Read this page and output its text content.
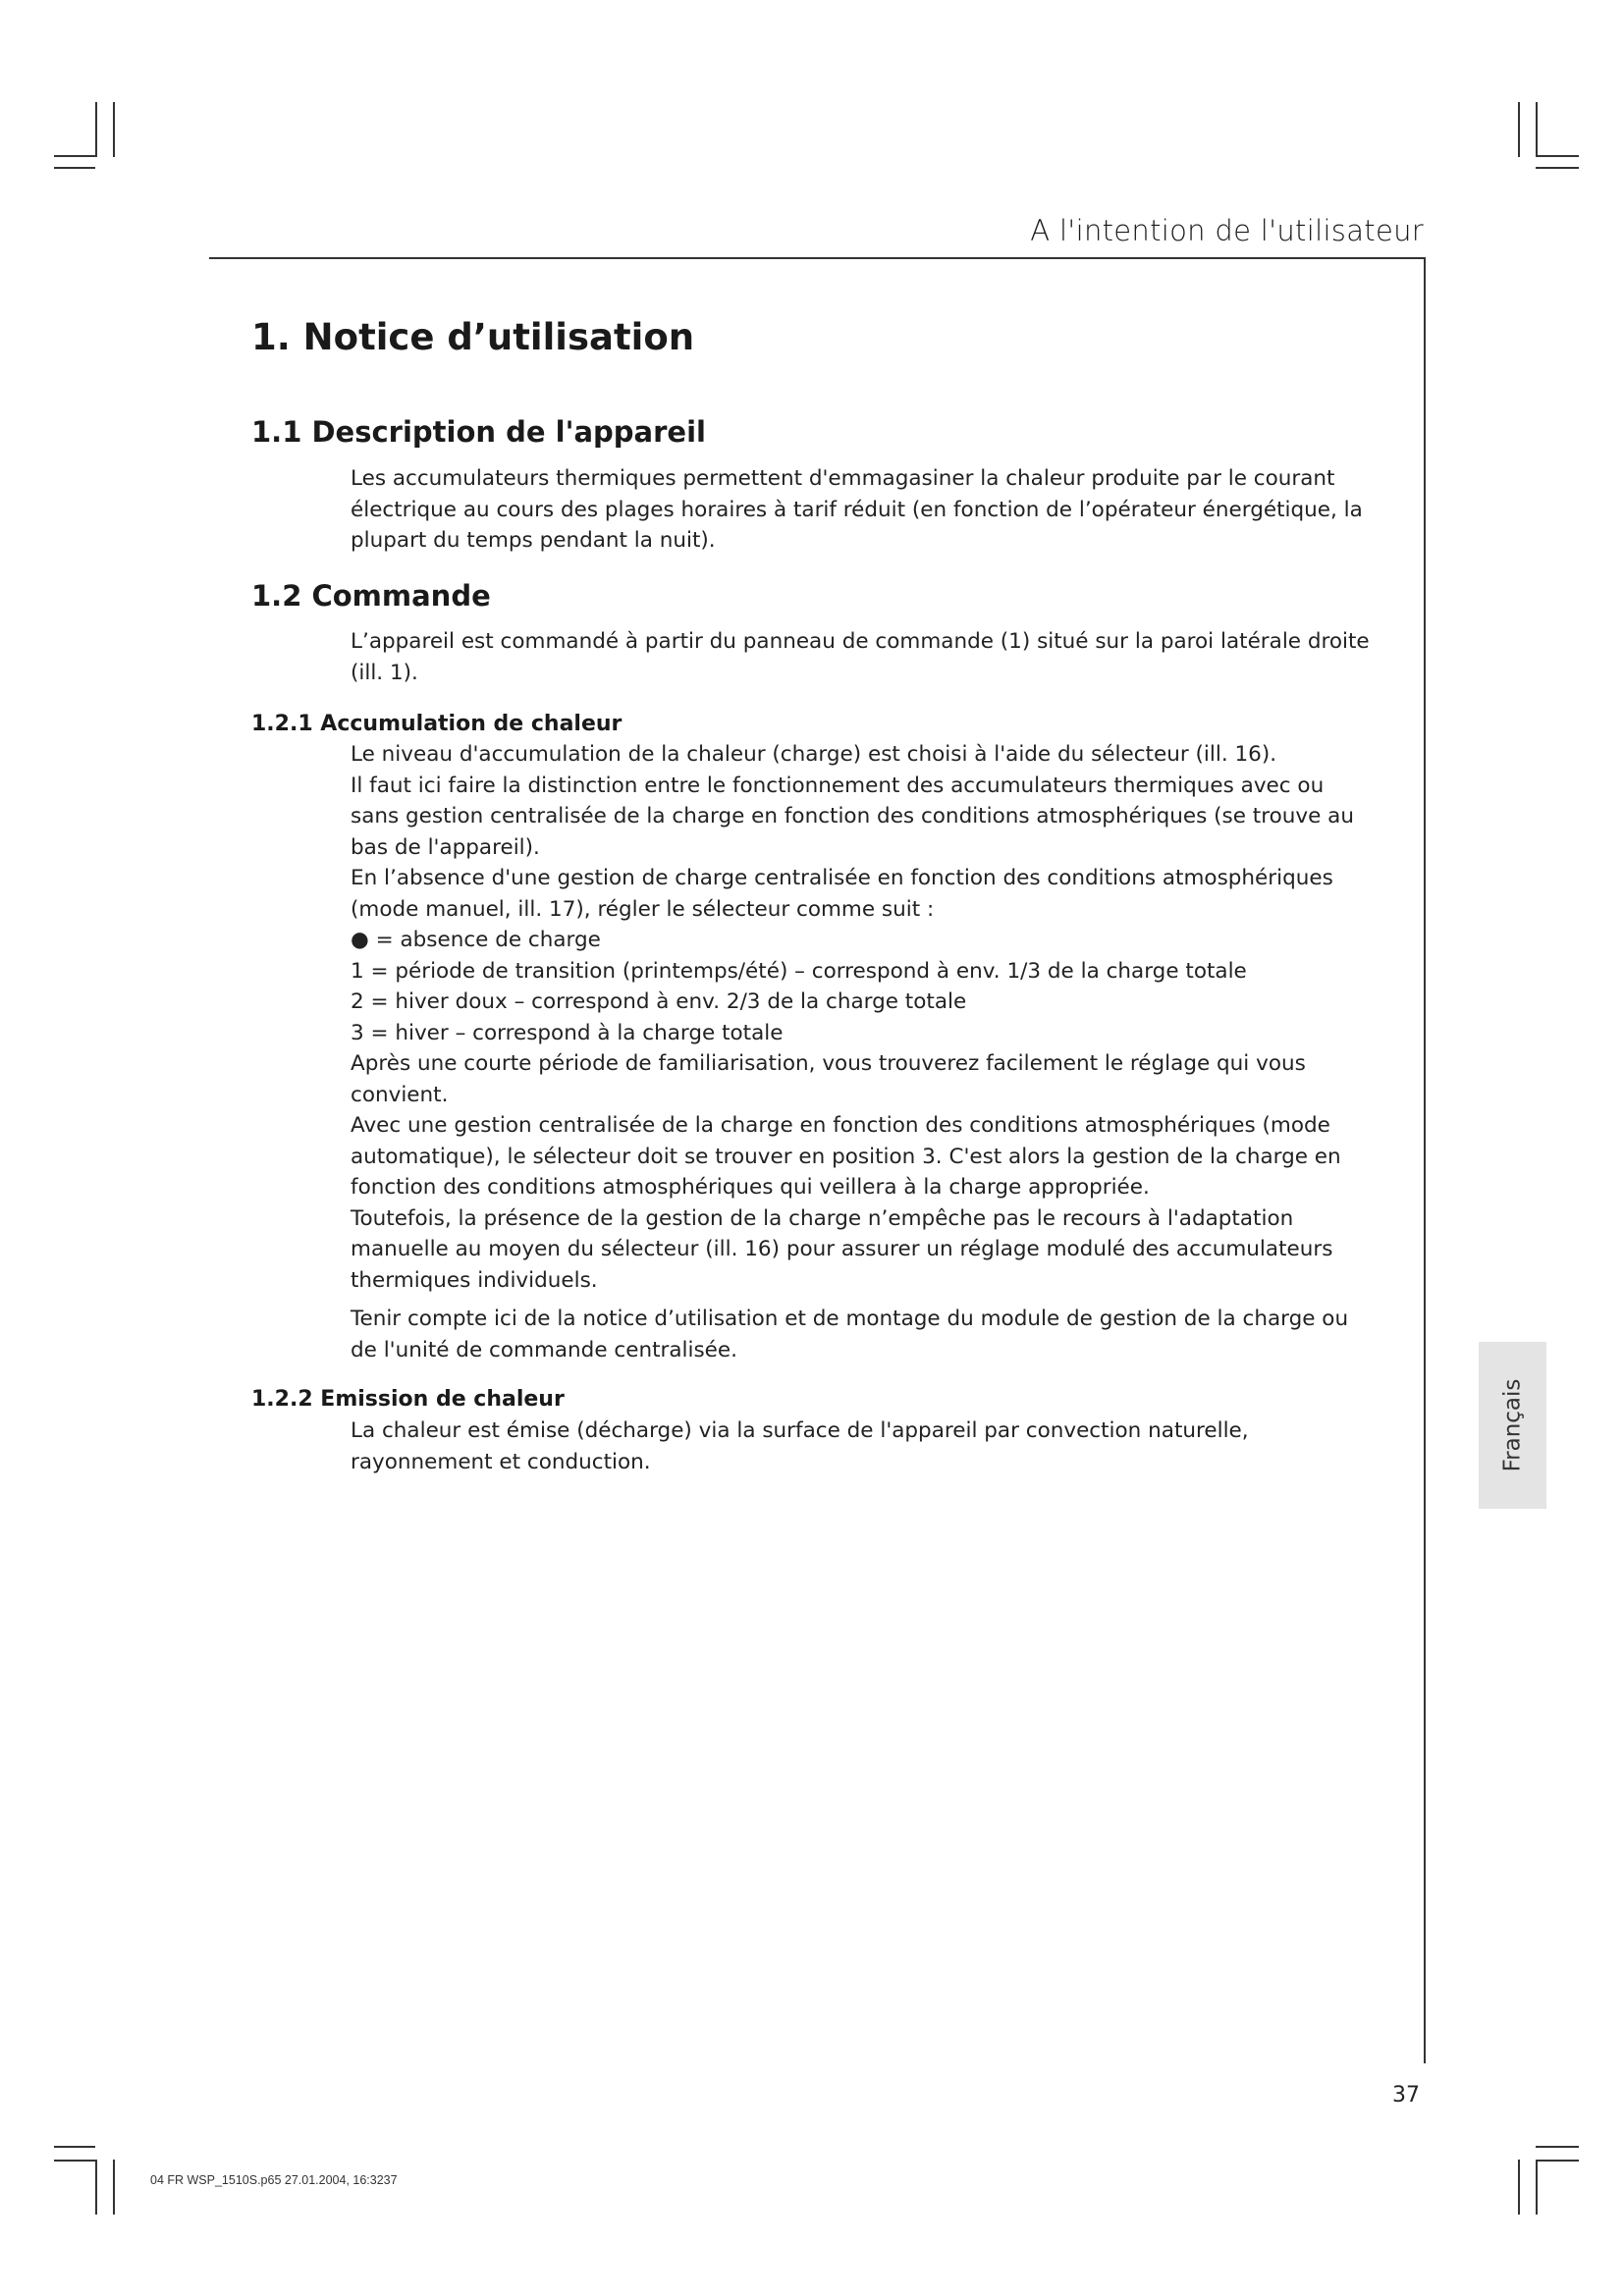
A l'intention de l'utilisateur
1. Notice d’utilisation
1.1 Description de l'appareil

Les accumulateurs thermiques permettent d'emmagasiner la chaleur produite par le courant électrique au cours des plages horaires à tarif réduit (en fonction de l’opérateur énergétique, la plupart du temps pendant la nuit).

1.2 Commande

L’appareil est commandé à partir du panneau de commande (1) situé sur la paroi latérale droite (ill. 1).

1.2.1 Accumulation de chaleur

Le niveau d'accumulation de la chaleur (charge) est choisi à l'aide du sélecteur (ill. 16).

Il faut ici faire la distinction entre le fonctionnement des accumulateurs thermiques avec ou sans gestion centralisée de la charge en fonction des conditions atmosphériques (se trouve au bas de l'appareil).

En l’absence d'une gestion de charge centralisée en fonction des conditions atmosphériques (mode manuel, ill. 17), régler le sélecteur comme suit :

● = absence de charge

1 = période de transition (printemps/été) – correspond à env. 1/3 de la charge totale

2 = hiver doux – correspond à env. 2/3 de la charge totale

3 = hiver – correspond à la charge totale

Après une courte période de familiarisation, vous trouverez facilement le réglage qui vous convient.

Avec une gestion centralisée de la charge en fonction des conditions atmosphériques (mode automatique), le sélecteur doit se trouver en position 3. C'est alors la gestion de la charge en fonction des conditions atmosphériques qui veillera à la charge appropriée.

Toutefois, la présence de la gestion de la charge n’empêche pas le recours à l'adaptation manuelle au moyen du sélecteur (ill. 16) pour assurer un réglage modulé des accumulateurs thermiques individuels.

Tenir compte ici de la notice d’utilisation et de montage du module de gestion de la charge ou de l'unité de commande centralisée.

1.2.2 Emission de chaleur

La chaleur est émise (décharge) via la surface de l'appareil par convection naturelle, rayonnement et conduction.	Français
37
04 FR WSP_1510S.p65 27.01.2004, 16:3237
